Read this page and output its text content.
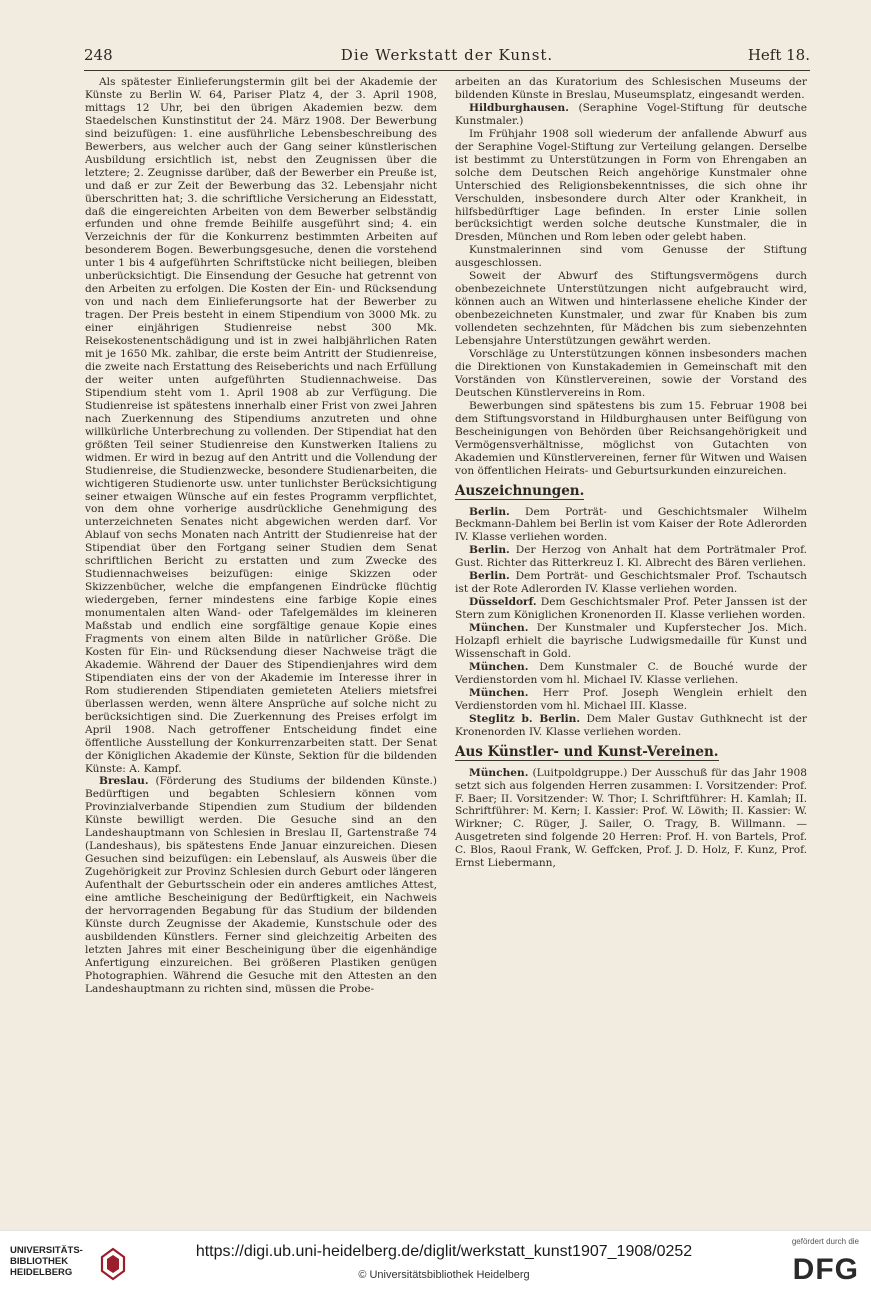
248	Die Werkstatt der Kunst.	Heft 18.

Als spätester Einlieferungstermin gilt bei der Akademie der Künste zu Berlin W. 64, Pariser Platz 4, der 3. April 1908, mittags 12 Uhr, bei den übrigen Akademien bezw. dem Staedelschen Kunstinstitut der 24. März 1908. Der Bewerbung sind beizufügen: 1. eine ausführliche Lebensbeschreibung des Bewerbers, aus welcher auch der Gang seiner künstlerischen Ausbildung ersichtlich ist, nebst den Zeugnissen über die letztere; 2. Zeugnisse darüber, daß der Bewerber ein Preuße ist, und daß er zur Zeit der Bewerbung das 32. Lebensjahr nicht überschritten hat; 3. die schriftliche Versicherung an Eidesstatt, daß die eingereichten Arbeiten von dem Bewerber selbständig erfunden und ohne fremde Beihilfe ausgeführt sind; 4. ein Verzeichnis der für die Konkurrenz bestimmten Arbeiten auf besonderem Bogen. Bewerbungsgesuche, denen die vorstehend unter 1 bis 4 aufgeführten Schriftstücke nicht beiliegen, bleiben unberücksichtigt. Die Einsendung der Gesuche hat getrennt von den Arbeiten zu erfolgen. Die Kosten der Ein- und Rücksendung von und nach dem Einlieferungsorte hat der Bewerber zu tragen. Der Preis besteht in einem Stipendium von 3000 Mk. zu einer einjährigen Studienreise nebst 300 Mk. Reisekostenentschädigung und ist in zwei halbjährlichen Raten mit je 1650 Mk. zahlbar, die erste beim Antritt der Studienreise, die zweite nach Erstattung des Reiseberichts und nach Erfüllung der weiter unten aufgeführten Studiennachweise. Das Stipendium steht vom 1. April 1908 ab zur Verfügung. Die Studienreise ist spätestens innerhalb einer Frist von zwei Jahren nach Zuerkennung des Stipendiums anzutreten und ohne willkürliche Unterbrechung zu vollenden. Der Stipendiat hat den größten Teil seiner Studienreise den Kunstwerken Italiens zu widmen. Er wird in bezug auf den Antritt und die Vollendung der Studienreise, die Studienzwecke, besondere Studienarbeiten, die wichtigeren Studienorte usw. unter tunlichster Berücksichtigung seiner etwaigen Wünsche auf ein festes Programm verpflichtet, von dem ohne vorherige ausdrückliche Genehmigung des unterzeichneten Senates nicht abgewichen werden darf. Vor Ablauf von sechs Monaten nach Antritt der Studienreise hat der Stipendiat über den Fortgang seiner Studien dem Senat schriftlichen Bericht zu erstatten und zum Zwecke des Studiennachweises beizufügen: einige Skizzen oder Skizzenbücher, welche die empfangenen Eindrücke flüchtig wiedergeben, ferner mindestens eine farbige Kopie eines monumentalen alten Wand- oder Tafelgemäldes im kleineren Maßstab und endlich eine sorgfältige genaue Kopie eines Fragments von einem alten Bilde in natürlicher Größe. Die Kosten für Ein- und Rücksendung dieser Nachweise trägt die Akademie. Während der Dauer des Stipendienjahres wird dem Stipendiaten eins der von der Akademie im Interesse ihrer in Rom studierenden Stipendiaten gemieteten Ateliers mietsfrei überlassen werden, wenn ältere Ansprüche auf solche nicht zu berücksichtigen sind. Die Zuerkennung des Preises erfolgt im April 1908. Nach getroffener Entscheidung findet eine öffentliche Ausstellung der Konkurrenzarbeiten statt. Der Senat der Königlichen Akademie der Künste, Sektion für die bildenden Künste: A. Kampf.

Breslau. (Förderung des Studiums der bildenden Künste.) Bedürftigen und begabten Schlesiern können vom Provinzialverbande Stipendien zum Studium der bildenden Künste bewilligt werden. Die Gesuche sind an den Landeshauptmann von Schlesien in Breslau II, Gartenstraße 74 (Landeshaus), bis spätestens Ende Januar einzureichen. Diesen Gesuchen sind beizufügen: ein Lebenslauf, als Ausweis über die Zugehörigkeit zur Provinz Schlesien durch Geburt oder längeren Aufenthalt der Geburtsschein oder ein anderes amtliches Attest, eine amtliche Bescheinigung der Bedürftigkeit, ein Nachweis der hervorragenden Begabung für das Studium der bildenden Künste durch Zeugnisse der Akademie, Kunstschule oder des ausbildenden Künstlers. Ferner sind gleichzeitig Arbeiten des letzten Jahres mit einer Bescheinigung über die eigenhändige Anfertigung einzureichen. Bei größeren Plastiken genügen Photographien. Während die Gesuche mit den Attesten an den Landeshauptmann zu richten sind, müssen die Probe-

arbeiten an das Kuratorium des Schlesischen Museums der bildenden Künste in Breslau, Museumsplatz, eingesandt werden.

Hildburghausen. (Seraphine Vogel-Stiftung für deutsche Kunstmaler.)

Im Frühjahr 1908 soll wiederum der anfallende Abwurf aus der Seraphine Vogel-Stiftung zur Verteilung gelangen. Derselbe ist bestimmt zu Unterstützungen in Form von Ehrengaben an solche dem Deutschen Reich angehörige Kunstmaler ohne Unterschied des Religionsbekenntnisses, die sich ohne ihr Verschulden, insbesondere durch Alter oder Krankheit, in hilfsbedürftiger Lage befinden. In erster Linie sollen berücksichtigt werden solche deutsche Kunstmaler, die in Dresden, München und Rom leben oder gelebt haben.

Kunstmalerinnen sind vom Genusse der Stiftung ausgeschlossen.

Soweit der Abwurf des Stiftungsvermögens durch obenbezeichnete Unterstützungen nicht aufgebraucht wird, können auch an Witwen und hinterlassene eheliche Kinder der obenbezeichneten Kunstmaler, und zwar für Knaben bis zum vollendeten sechzehnten, für Mädchen bis zum siebenzehnten Lebensjahre Unterstützungen gewährt werden.

Vorschläge zu Unterstützungen können insbesonders machen die Direktionen von Kunstakademien in Gemeinschaft mit den Vorständen von Künstlervereinen, sowie der Vorstand des Deutschen Künstlervereins in Rom.

Bewerbungen sind spätestens bis zum 15. Februar 1908 bei dem Stiftungsvorstand in Hildburghausen unter Beifügung von Bescheinigungen von Behörden über Reichsangehörigkeit und Vermögensverhältnisse, möglichst von Gutachten von Akademien und Künstlervereinen, ferner für Witwen und Waisen von öffentlichen Heirats- und Geburtsurkunden einzureichen.

Auszeichnungen.

Berlin. Dem Porträt- und Geschichtsmaler Wilhelm Beckmann-Dahlem bei Berlin ist vom Kaiser der Rote Adlerorden IV. Klasse verliehen worden.

Berlin. Der Herzog von Anhalt hat dem Porträtmaler Prof. Gust. Richter das Ritterkreuz I. Kl. Albrecht des Bären verliehen.

Berlin. Dem Porträt- und Geschichtsmaler Prof. Tschautsch ist der Rote Adlerorden IV. Klasse verliehen worden.

Düsseldorf. Dem Geschichtsmaler Prof. Peter Janssen ist der Stern zum Königlichen Kronenorden II. Klasse verliehen worden.

München. Der Kunstmaler und Kupferstecher Jos. Mich. Holzapfl erhielt die bayrische Ludwigsmedaille für Kunst und Wissenschaft in Gold.

München. Dem Kunstmaler C. de Bouché wurde der Verdienstorden vom hl. Michael IV. Klasse verliehen.

München. Herr Prof. Joseph Wenglein erhielt den Verdienstorden vom hl. Michael III. Klasse.

Steglitz b. Berlin. Dem Maler Gustav Guthknecht ist der Kronenorden IV. Klasse verliehen worden.

Aus Künstler- und Kunst-Vereinen.

München. (Luitpoldgruppe.) Der Ausschuß für das Jahr 1908 setzt sich aus folgenden Herren zusammen: I. Vorsitzender: Prof. F. Baer; II. Vorsitzender: W. Thor; I. Schriftführer: H. Kamlah; II. Schriftführer: M. Kern; I. Kassier: Prof. W. Löwith; II. Kassier: W. Wirkner; C. Rüger, J. Sailer, O. Tragy, B. Willmann. — Ausgetreten sind folgende 20 Herren: Prof. H. von Bartels, Prof. C. Blos, Raoul Frank, W. Geffcken, Prof. J. D. Holz, F. Kunz, Prof. Ernst Liebermann,

UNIVERSITÄTS-
BIBLIOTHEK
HEIDELBERG
https://digi.ub.uni-heidelberg.de/diglit/werkstatt_kunst1907_1908/0252
© Universitätsbibliothek Heidelberg
gefördert durch die
DFG
